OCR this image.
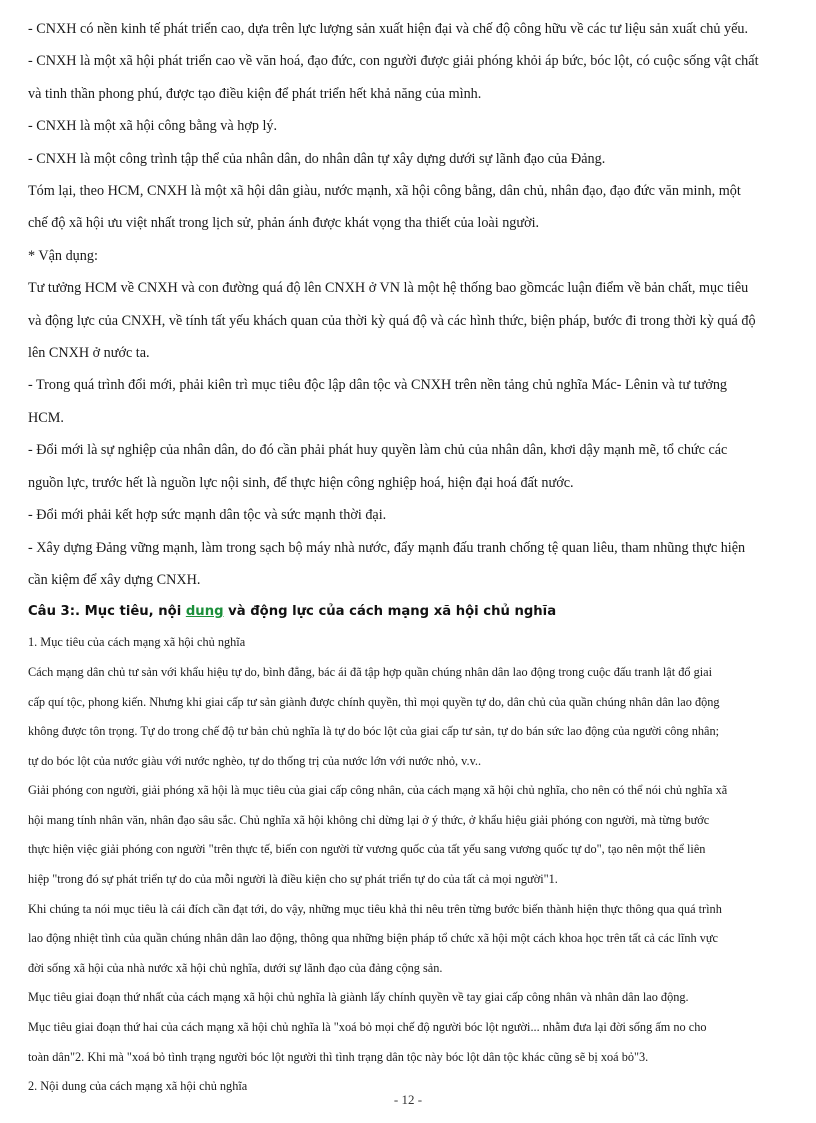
- CNXH có nền kinh tế phát triển cao, dựa trên lực lượng sản xuất hiện đại và chế độ công hữu về các tư liệu sản xuất chủ yếu.

- CNXH là một xã hội phát triển cao về văn hoá, đạo đức, con người được giải phóng khỏi áp bức, bóc lột, có cuộc sống vật chất

và tinh thần phong phú, được tạo điều kiện để phát triển hết khả năng của mình.

- CNXH là một xã hội công bằng và hợp lý.

- CNXH là một công trình tập thể của nhân dân, do nhân dân tự xây dựng dưới sự lãnh đạo của Đảng.

Tóm lại, theo HCM, CNXH là một xã hội dân giàu, nước mạnh, xã hội công bằng, dân chủ, nhân đạo, đạo đức văn minh, một

chế độ xã hội ưu việt nhất trong lịch sử, phản ánh được khát vọng tha thiết của loài người.

* Vận dụng:

Tư tưởng HCM về CNXH và con đường quá độ lên CNXH ở VN là một hệ thống bao gồmcác luận điểm về bản chất, mục tiêu

và động lực của CNXH, về tính tất yếu khách quan của thời kỳ quá độ và các hình thức, biện pháp, bước đi trong thời kỳ quá độ

lên CNXH ở nước ta.

- Trong quá trình đổi mới, phải kiên trì mục tiêu độc lập dân tộc và CNXH trên nền tảng chủ nghĩa Mác- Lênin và tư tưởng

HCM.

- Đổi mới là sự nghiệp của nhân dân, do đó cần phải phát huy quyền làm chủ của nhân dân, khơi dậy mạnh mẽ, tổ chức các

nguồn lực, trước hết là nguồn lực nội sinh, để thực hiện công nghiệp hoá, hiện đại hoá đất nước.

- Đổi mới phải kết hợp sức mạnh dân tộc và sức mạnh thời đại.

- Xây dựng Đảng vững mạnh, làm trong sạch bộ máy nhà nước, đẩy mạnh đấu tranh chống tệ quan liêu, tham nhũng thực hiện

cần kiệm để xây dựng CNXH.

Câu 3:. Mục tiêu, nội dung và động lực của cách mạng xã hội chủ nghĩa

1. Mục tiêu của cách mạng xã hội chủ nghĩa

Cách mạng dân chủ tư sản với khẩu hiệu tự do, bình đẳng, bác ái đã tập hợp quần chúng nhân dân lao động trong cuộc đấu tranh lật đổ giai

cấp quí tộc, phong kiến. Nhưng khi giai cấp tư sản giành được chính quyền, thì mọi quyền tự do, dân chủ của quần chúng nhân dân lao động

không được tôn trọng. Tự do trong chế độ tư bản chủ nghĩa là tự do bóc lột của giai cấp tư sản, tự do bán sức lao động của người công nhân;

tự do bóc lột của nước giàu với nước nghèo, tự do thống trị của nước lớn với nước nhỏ, v.v..

Giải phóng con người, giải phóng xã hội là mục tiêu của giai cấp công nhân, của cách mạng xã hội chủ nghĩa, cho nên có thể nói chủ nghĩa xã

hội mang tính nhân văn, nhân đạo sâu sắc. Chủ nghĩa xã hội không chỉ dừng lại ở ý thức, ở khẩu hiệu giải phóng con người, mà từng bước

thực hiện việc giải phóng con người "trên thực tế, biến con người từ vương quốc của tất yếu sang vương quốc tự do", tạo nên một thể liên

hiệp "trong đó sự phát triển tự do của mỗi người là điều kiện cho sự phát triển tự do của tất cả mọi người"1.

Khi chúng ta nói mục tiêu là cái đích cần đạt tới, do vậy, những mục tiêu khả thi nêu trên từng bước biến thành hiện thực thông qua quá trình

lao động nhiệt tình của quần chúng nhân dân lao động, thông qua những biện pháp tổ chức xã hội một cách khoa học trên tất cả các lĩnh vực

đời sống xã hội của nhà nước xã hội chủ nghĩa, dưới sự lãnh đạo của đảng cộng sản.

Mục tiêu giai đoạn thứ nhất của cách mạng xã hội chủ nghĩa là giành lấy chính quyền về tay giai cấp công nhân và nhân dân lao động.

Mục tiêu giai đoạn thứ hai của cách mạng xã hội chủ nghĩa là "xoá bỏ mọi chế độ người bóc lột người... nhằm đưa lại đời sống ấm no cho

toàn dân"2. Khi mà "xoá bỏ tình trạng người bóc lột người thì tình trạng dân tộc này bóc lột dân tộc khác cũng sẽ bị xoá bỏ"3.

2. Nội dung của cách mạng xã hội chủ nghĩa

- 12 -
